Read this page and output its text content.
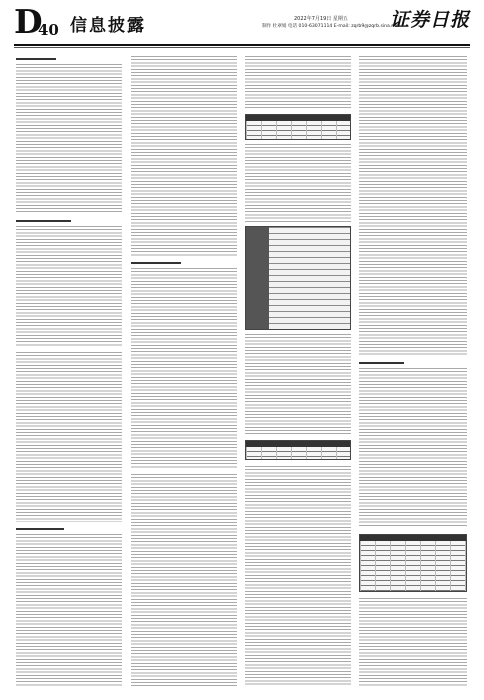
D
40 信息披露	2022年7月19日 星期五
制作 杜翠娟 电话 010-63071114 E-mail: zqrb9@zqrb.sina.net
证券日报
